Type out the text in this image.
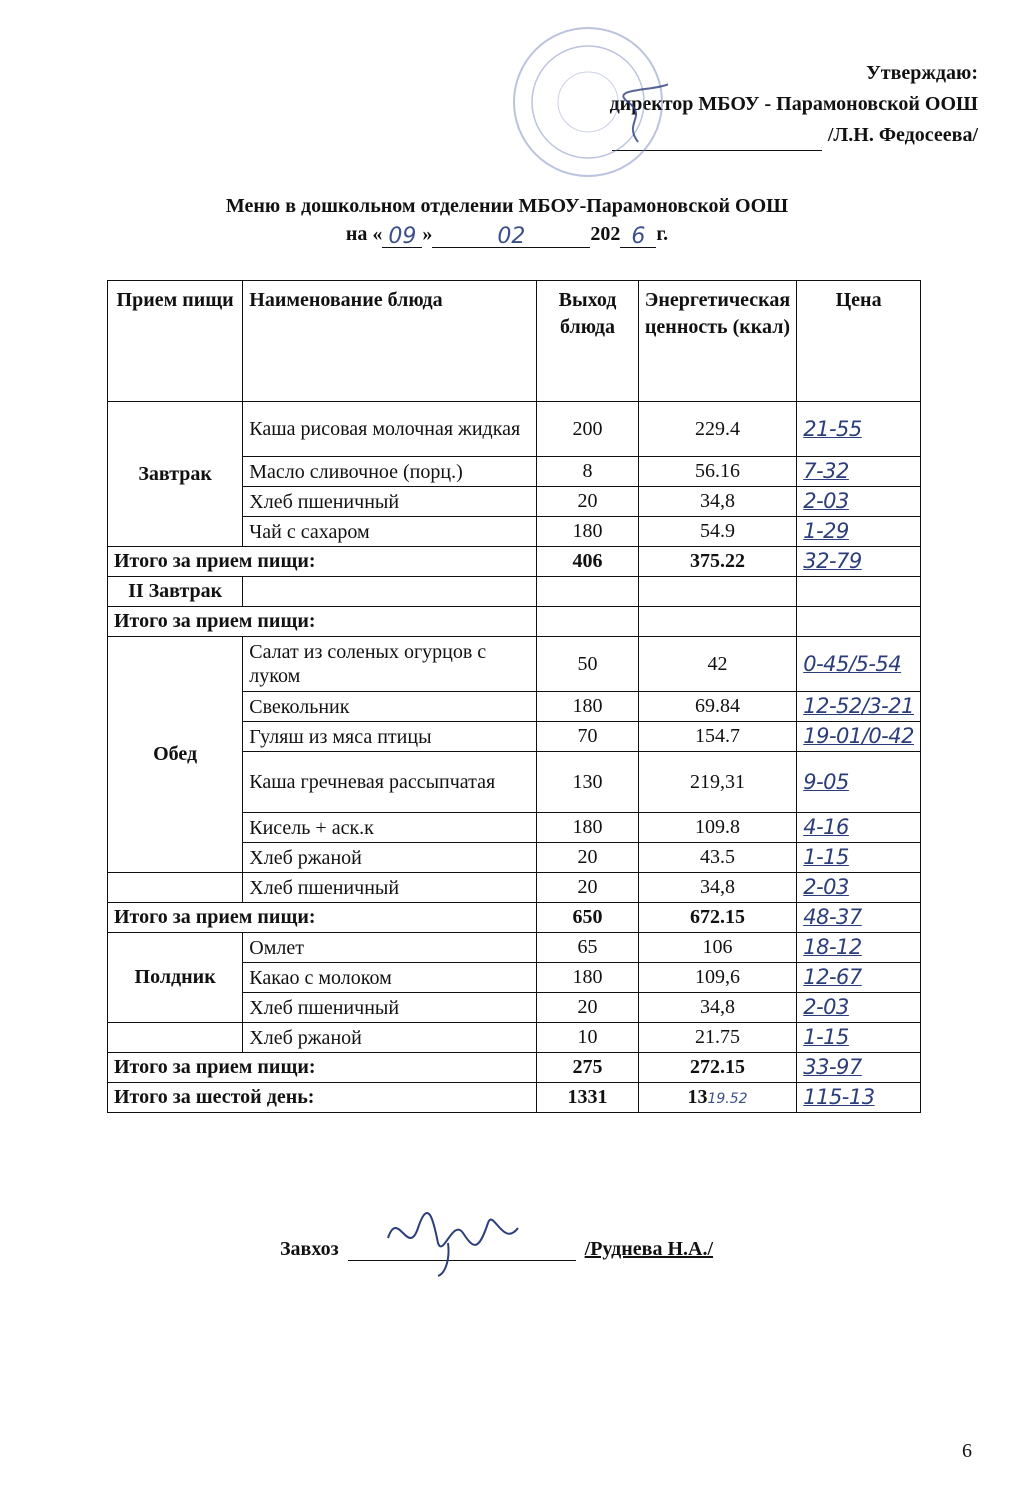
Утверждаю:
директор МБОУ - Парамоновской ООШ
/Л.Н. Федосеева/
Меню в дошкольном отделении МБОУ-Парамоновской ООШ
на « 09 »	02	202 6 г.
Прием пищи	Наименование блюда	Выход блюда	Энергетическая ценность (ккал)	Цена
Завтрак	Каша рисовая молочная жидкая	200	229.4	21-55
	Масло сливочное (порц.)	8	56.16	7-32
	Хлеб пшеничный	20	34,8	2-03
	Чай с сахаром	180	54.9	1-29
Итого за прием пищи:		406	375.22	32-79
II Завтрак				
Итого за прием пищи:				
Обед	Салат из соленых огурцов с луком	50	42	0-45/5-54
	Свекольник	180	69.84	12-52/3-21
	Гуляш из мяса птицы	70	154.7	19-01/0-42
	Каша гречневая рассыпчатая	130	219,31	9-05
	Кисель + аск.к	180	109.8	4-16
	Хлеб ржаной	20	43.5	1-15
	Хлеб пшеничный	20	34,8	2-03
Итого за прием пищи:		650	672.15	48-37
Полдник	Омлет	65	106	18-12
	Какао с молоком	180	109,6	12-67
	Хлеб пшеничный	20	34,8	2-03
	Хлеб ржаной	10	21.75	1-15
Итого за прием пищи:		275	272.15	33-97
Итого за шестой день:		1331	1319.52	115-13
Завхоз	/Руднева Н.А./
6
